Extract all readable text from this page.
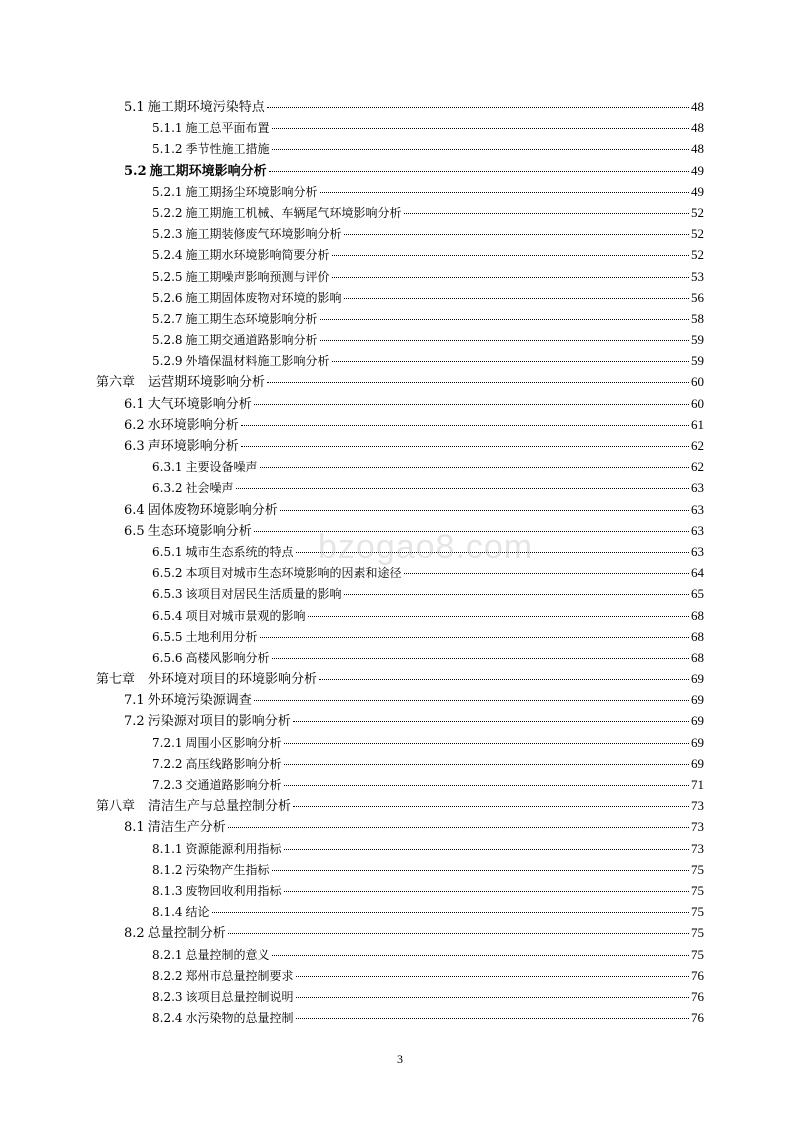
5.1 施工期环境污染特点	48
5.1.1 施工总平面布置	48
5.1.2 季节性施工措施	48
5.2 施工期环境影响分析	49
5.2.1 施工期扬尘环境影响分析	49
5.2.2 施工期施工机械、车辆尾气环境影响分析	52
5.2.3 施工期装修废气环境影响分析	52
5.2.4 施工期水环境影响简要分析	52
5.2.5 施工期噪声影响预测与评价	53
5.2.6 施工期固体废物对环境的影响	56
5.2.7 施工期生态环境影响分析	58
5.2.8 施工期交通道路影响分析	59
5.2.9 外墙保温材料施工影响分析	59
第六章 运营期环境影响分析	60
6.1 大气环境影响分析	60
6.2 水环境影响分析	61
6.3 声环境影响分析	62
6.3.1 主要设备噪声	62
6.3.2 社会噪声	63
6.4 固体废物环境影响分析	63
6.5 生态环境影响分析	63
6.5.1 城市生态系统的特点	63
6.5.2 本项目对城市生态环境影响的因素和途径	64
6.5.3 该项目对居民生活质量的影响	65
6.5.4 项目对城市景观的影响	68
6.5.5 土地利用分析	68
6.5.6 高楼风影响分析	68
第七章 外环境对项目的环境影响分析	69
7.1 外环境污染源调查	69
7.2 污染源对项目的影响分析	69
7.2.1 周围小区影响分析	69
7.2.2 高压线路影响分析	69
7.2.3 交通道路影响分析	71
第八章 清洁生产与总量控制分析	73
8.1 清洁生产分析	73
8.1.1 资源能源利用指标	73
8.1.2 污染物产生指标	75
8.1.3 废物回收利用指标	75
8.1.4 结论	75
8.2 总量控制分析	75
8.2.1 总量控制的意义	75
8.2.2 郑州市总量控制要求	76
8.2.3 该项目总量控制说明	76
8.2.4 水污染物的总量控制	76
bzogao8.com
3
